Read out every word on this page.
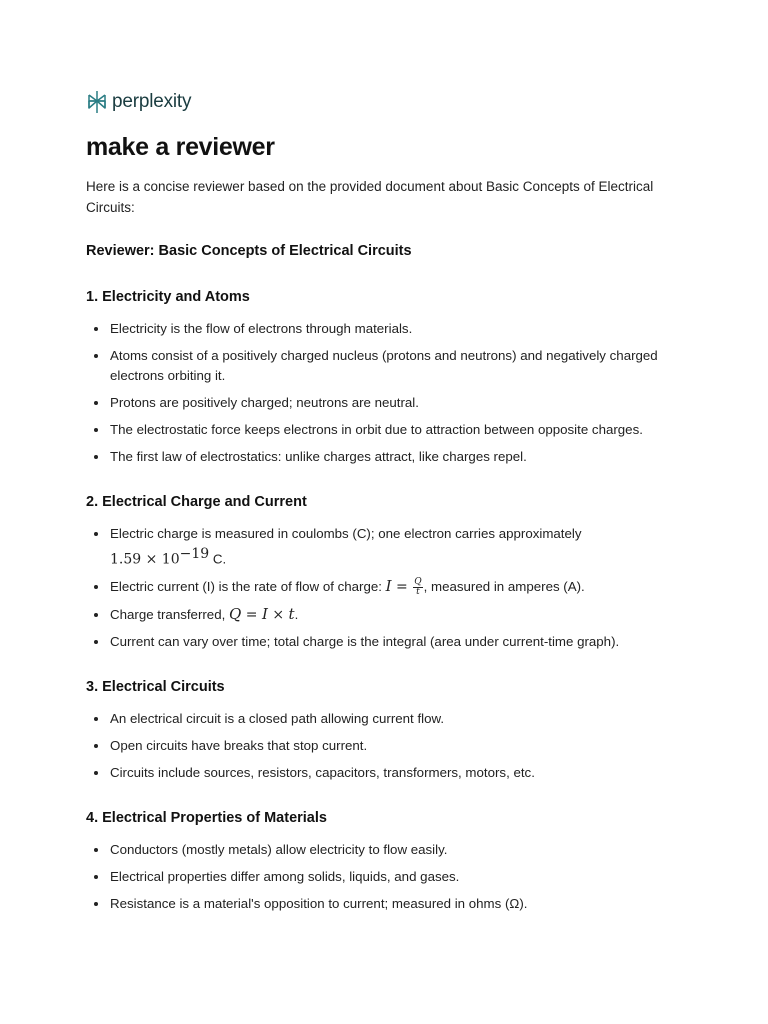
perplexity
make a reviewer

Here is a concise reviewer based on the provided document about Basic Concepts of Electrical Circuits:

Reviewer: Basic Concepts of Electrical Circuits
1. Electricity and Atoms
• Electricity is the flow of electrons through materials.
• Atoms consist of a positively charged nucleus (protons and neutrons) and negatively charged electrons orbiting it.
• Protons are positively charged; neutrons are neutral.
• The electrostatic force keeps electrons in orbit due to attraction between opposite charges.
• The first law of electrostatics: unlike charges attract, like charges repel.
2. Electrical Charge and Current
• Electric charge is measured in coulombs (C); one electron carries approximately
$1.59 \times 10^{-19}$ C.
• Electric current (I) is the rate of flow of charge: $I = \frac{Q}{t}$ , measured in amperes (A).
• Charge transferred, Q = I × t.
• Current can vary over time; total charge is the integral (area under current-time graph).
3. Electrical Circuits
• An electrical circuit is a closed path allowing current flow.
• Open circuits have breaks that stop current.
• Circuits include sources, resistors, capacitors, transformers, motors, etc.
4. Electrical Properties of Materials
• Conductors (mostly metals) allow electricity to flow easily.
• Electrical properties differ among solids, liquids, and gases.
• Resistance is a material's opposition to current; measured in ohms (Ω).
